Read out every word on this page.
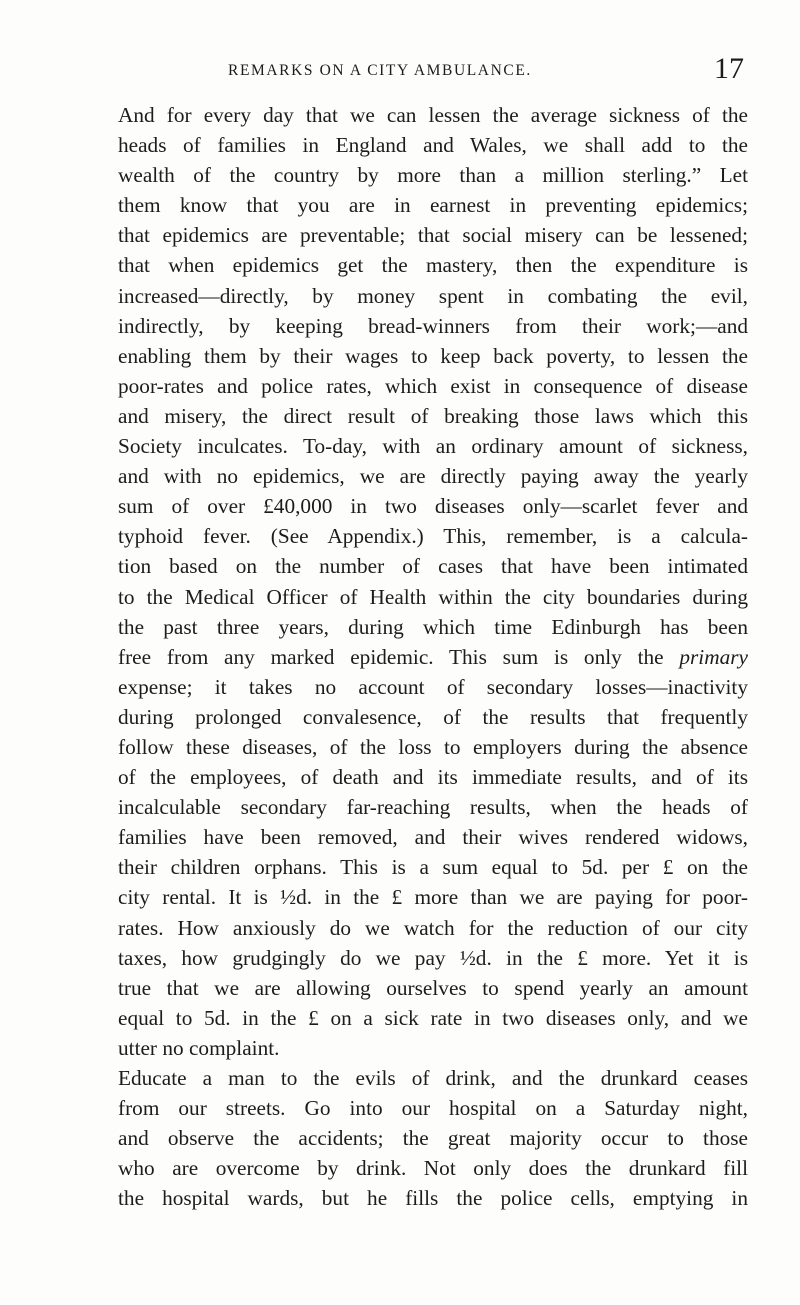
REMARKS ON A CITY AMBULANCE.	17
And for every day that we can lessen the average sickness of the
heads of families in England and Wales, we shall add to the
wealth of the country by more than a million sterling.” Let
them know that you are in earnest in preventing epidemics;
that epidemics are preventable; that social misery can be lessened;
that when epidemics get the mastery, then the expenditure is
increased—directly, by money spent in combating the evil,
indirectly, by keeping bread-winners from their work;—and
enabling them by their wages to keep back poverty, to lessen the
poor-rates and police rates, which exist in consequence of disease
and misery, the direct result of breaking those laws which this
Society inculcates. To-day, with an ordinary amount of sickness,
and with no epidemics, we are directly paying away the yearly
sum of over £40,000 in two diseases only—scarlet fever and
typhoid fever. (See Appendix.) This, remember, is a calcula-
tion based on the number of cases that have been intimated
to the Medical Officer of Health within the city boundaries during
the past three years, during which time Edinburgh has been
free from any marked epidemic. This sum is only the primary
expense; it takes no account of secondary losses—inactivity
during prolonged convalesence, of the results that frequently
follow these diseases, of the loss to employers during the absence
of the employees, of death and its immediate results, and of its
incalculable secondary far-reaching results, when the heads of
families have been removed, and their wives rendered widows,
their children orphans. This is a sum equal to 5d. per £ on the
city rental. It is ½d. in the £ more than we are paying for poor-
rates. How anxiously do we watch for the reduction of our city
taxes, how grudgingly do we pay ½d. in the £ more. Yet it is
true that we are allowing ourselves to spend yearly an amount
equal to 5d. in the £ on a sick rate in two diseases only, and we
utter no complaint.
Educate a man to the evils of drink, and the drunkard ceases
from our streets. Go into our hospital on a Saturday night,
and observe the accidents; the great majority occur to those
who are overcome by drink. Not only does the drunkard fill
the hospital wards, but he fills the police cells, emptying in
